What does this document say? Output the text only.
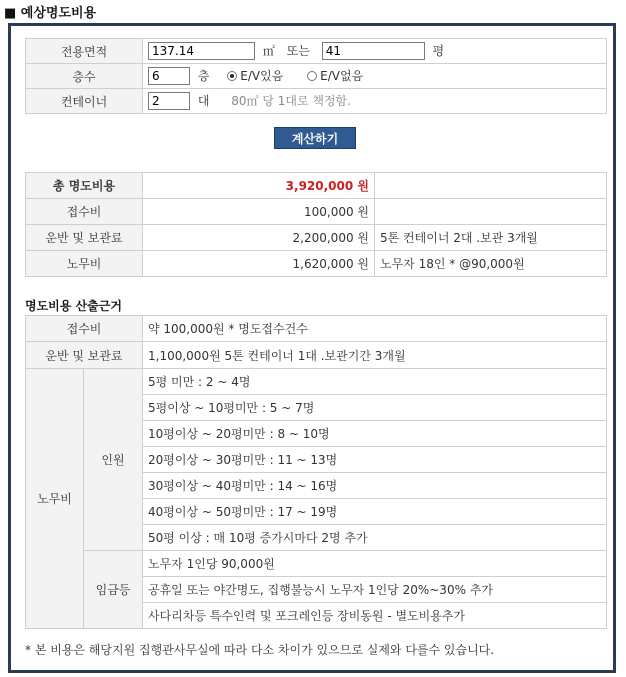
■ 예상명도비용
전용면적	137.14㎡ 또는 41 평
층수	6층 E/V있음 E/V없음
컨테이너	2대 80㎡ 당 1대로 책정함.
계산하기
총 명도비용	3,920,000 원	
접수비	100,000 원	
운반 및 보관료	2,200,000 원	5톤 컨테이너 2대 .보관 3개월
노무비	1,620,000 원	노무자 18인 * @90,000원
명도비용 산출근거
접수비		약 100,000원 * 명도접수건수
운반 및 보관료		1,100,000원 5톤 컨테이너 1대 .보관기간 3개월
노무비	인원	5평 미만 : 2 ~ 4명
		5평이상 ~ 10평미만 : 5 ~ 7명
		10평이상 ~ 20평미만 : 8 ~ 10명
		20평이상 ~ 30평미만 : 11 ~ 13명
		30평이상 ~ 40평미만 : 14 ~ 16명
		40평이상 ~ 50평미만 : 17 ~ 19명
		50평 이상 : 매 10평 증가시마다 2명 추가
	임금등	노무자 1인당 90,000원
		공휴일 또는 야간명도, 집행불능시 노무자 1인당 20%~30% 추가
		사다리차등 특수인력 및 포크레인등 장비동원 - 별도비용추가
* 본 비용은 해당지원 집행관사무실에 따라 다소 차이가 있으므로 실제와 다를수 있습니다.
